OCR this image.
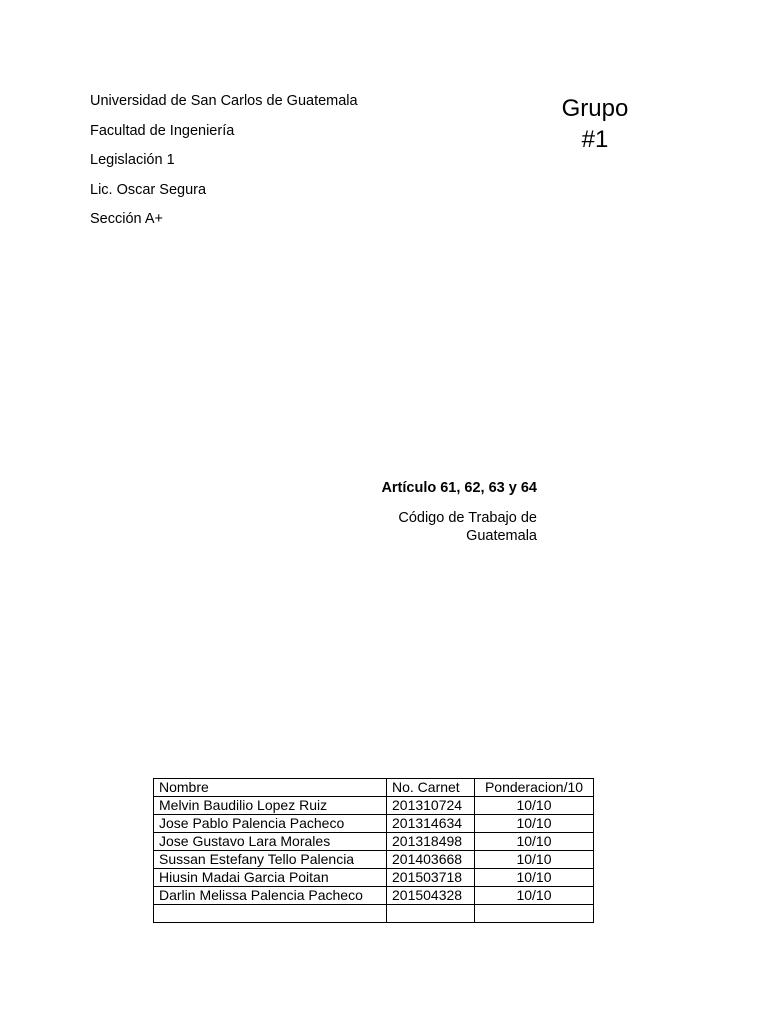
Universidad de San Carlos de Guatemala
Facultad de Ingeniería
Legislación 1
Lic. Oscar Segura
Sección A+
Grupo
#1
Artículo 61, 62, 63 y 64
Código de Trabajo de Guatemala
Nombre	No. Carnet	Ponderacion/10
Melvin Baudilio Lopez Ruiz	201310724	10/10
Jose Pablo Palencia Pacheco	201314634	10/10
Jose Gustavo Lara Morales	201318498	10/10
Sussan Estefany Tello Palencia	201403668	10/10
Hiusin Madai Garcia Poitan	201503718	10/10
Darlin Melissa Palencia Pacheco	201504328	10/10
